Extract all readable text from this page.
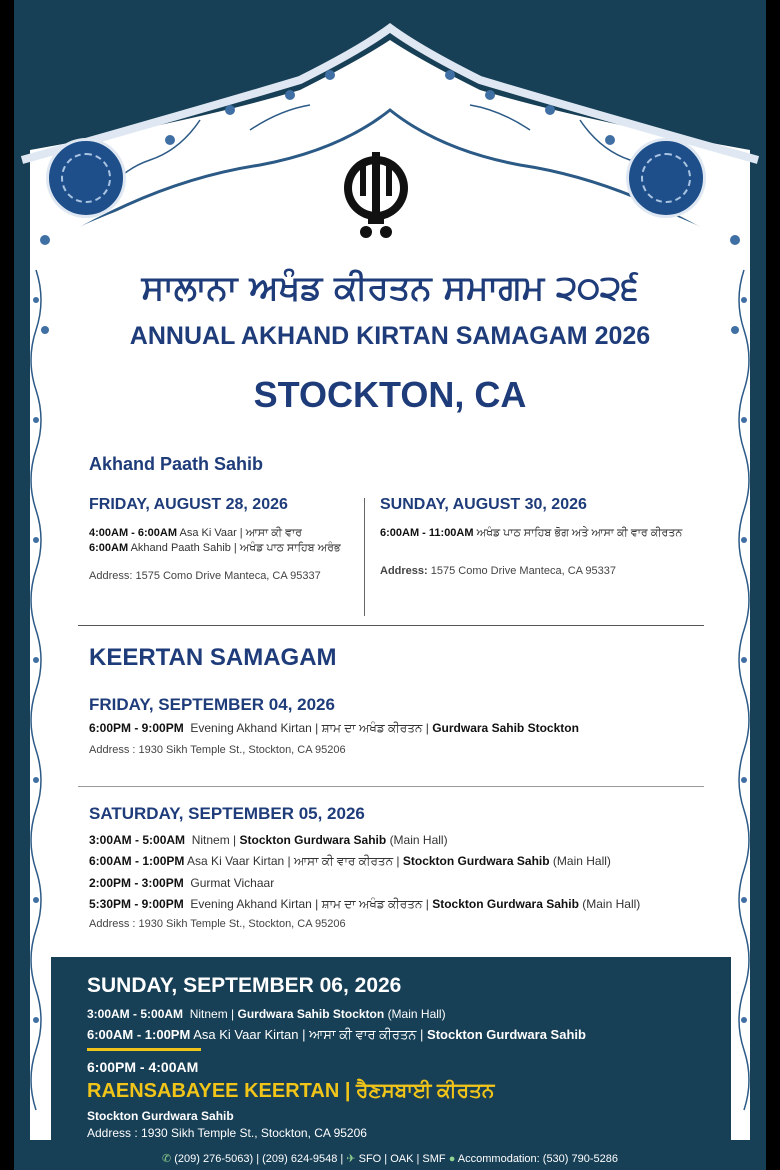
ਸਾਲਾਨਾ ਅਖੰਡ ਕੀਰਤਨ ਸਮਾਗਮ ੨੦੨੬
ANNUAL AKHAND KIRTAN SAMAGAM 2026
STOCKTON, CA
Akhand Paath Sahib
FRIDAY, AUGUST 28, 2026
4:00AM - 6:00AM Asa Ki Vaar | ਆਸਾ ਕੀ ਵਾਰ
6:00AM Akhand Paath Sahib | ਅਖੰਡ ਪਾਠ ਸਾਹਿਬ ਅਰੰਭ
Address: 1575 Como Drive Manteca, CA 95337
SUNDAY, AUGUST 30, 2026
6:00AM - 11:00AM ਅਖੰਡ ਪਾਠ ਸਾਹਿਬ ਭੋਗ ਅਤੇ ਆਸਾ ਕੀ ਵਾਰ ਕੀਰਤਨ
Address: 1575 Como Drive Manteca, CA 95337
KEERTAN SAMAGAM
FRIDAY, SEPTEMBER 04, 2026
6:00PM - 9:00PM Evening Akhand Kirtan | ਸ਼ਾਮ ਦਾ ਅਖੰਡ ਕੀਰਤਨ | Gurdwara Sahib Stockton
Address : 1930 Sikh Temple St., Stockton, CA 95206
SATURDAY, SEPTEMBER 05, 2026
3:00AM - 5:00AM Nitnem | Stockton Gurdwara Sahib (Main Hall)
6:00AM - 1:00PM Asa Ki Vaar Kirtan | ਆਸਾ ਕੀ ਵਾਰ ਕੀਰਤਨ | Stockton Gurdwara Sahib (Main Hall)
2:00PM - 3:00PM Gurmat Vichaar
5:30PM - 9:00PM Evening Akhand Kirtan | ਸ਼ਾਮ ਦਾ ਅਖੰਡ ਕੀਰਤਨ | Stockton Gurdwara Sahib (Main Hall)
Address : 1930 Sikh Temple St., Stockton, CA 95206
SUNDAY, SEPTEMBER 06, 2026
3:00AM - 5:00AM Nitnem | Gurdwara Sahib Stockton (Main Hall)
6:00AM - 1:00PM Asa Ki Vaar Kirtan | ਆਸਾ ਕੀ ਵਾਰ ਕੀਰਤਨ | Stockton Gurdwara Sahib
6:00PM - 4:00AM
RAENSABAYEE KEERTAN | ਰੈਣਸਬਾਈ ਕੀਰਤਨ
Stockton Gurdwara Sahib
Address : 1930 Sikh Temple St., Stockton, CA 95206
✆ (209) 276-5063) | (209) 624-9548 | ✈ SFO | OAK | SMF ● Accommodation: (530) 790-5286
